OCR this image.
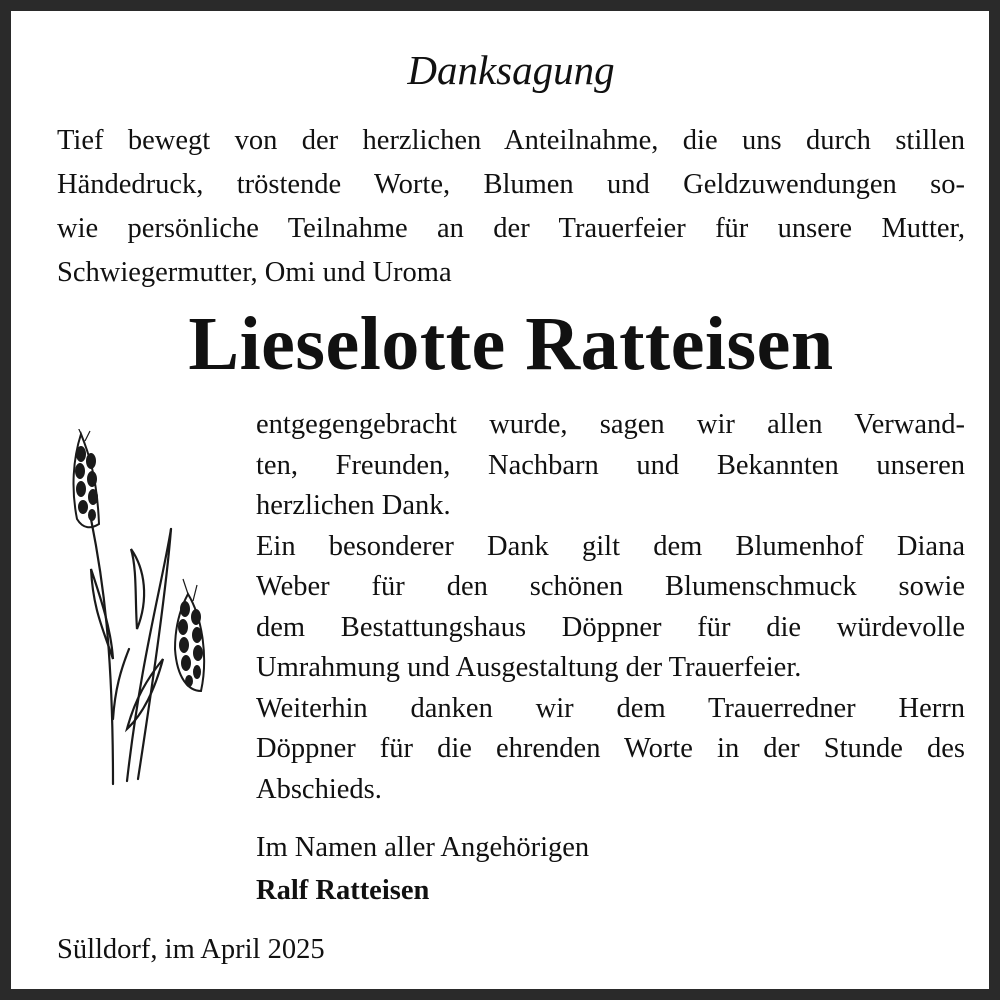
Danksagung
Tief bewegt von der herzlichen Anteilnahme, die uns durch stillen
Händedruck, tröstende Worte, Blumen und Geldzuwendungen so-
wie persönliche Teilnahme an der Trauerfeier für unsere Mutter,
Schwiegermutter, Omi und Uroma
Lieselotte Ratteisen
entgegengebracht wurde, sagen wir allen Verwand-
ten, Freunden, Nachbarn und Bekannten unseren
herzlichen Dank.
Ein besonderer Dank gilt dem Blumenhof Diana
Weber für den schönen Blumenschmuck sowie
dem Bestattungshaus Döppner für die würdevolle
Umrahmung und Ausgestaltung der Trauerfeier.
Weiterhin danken wir dem Trauerredner Herrn
Döppner für die ehrenden Worte in der Stunde des
Abschieds.
Im Namen aller Angehörigen
Ralf Ratteisen
Sülldorf, im April 2025
